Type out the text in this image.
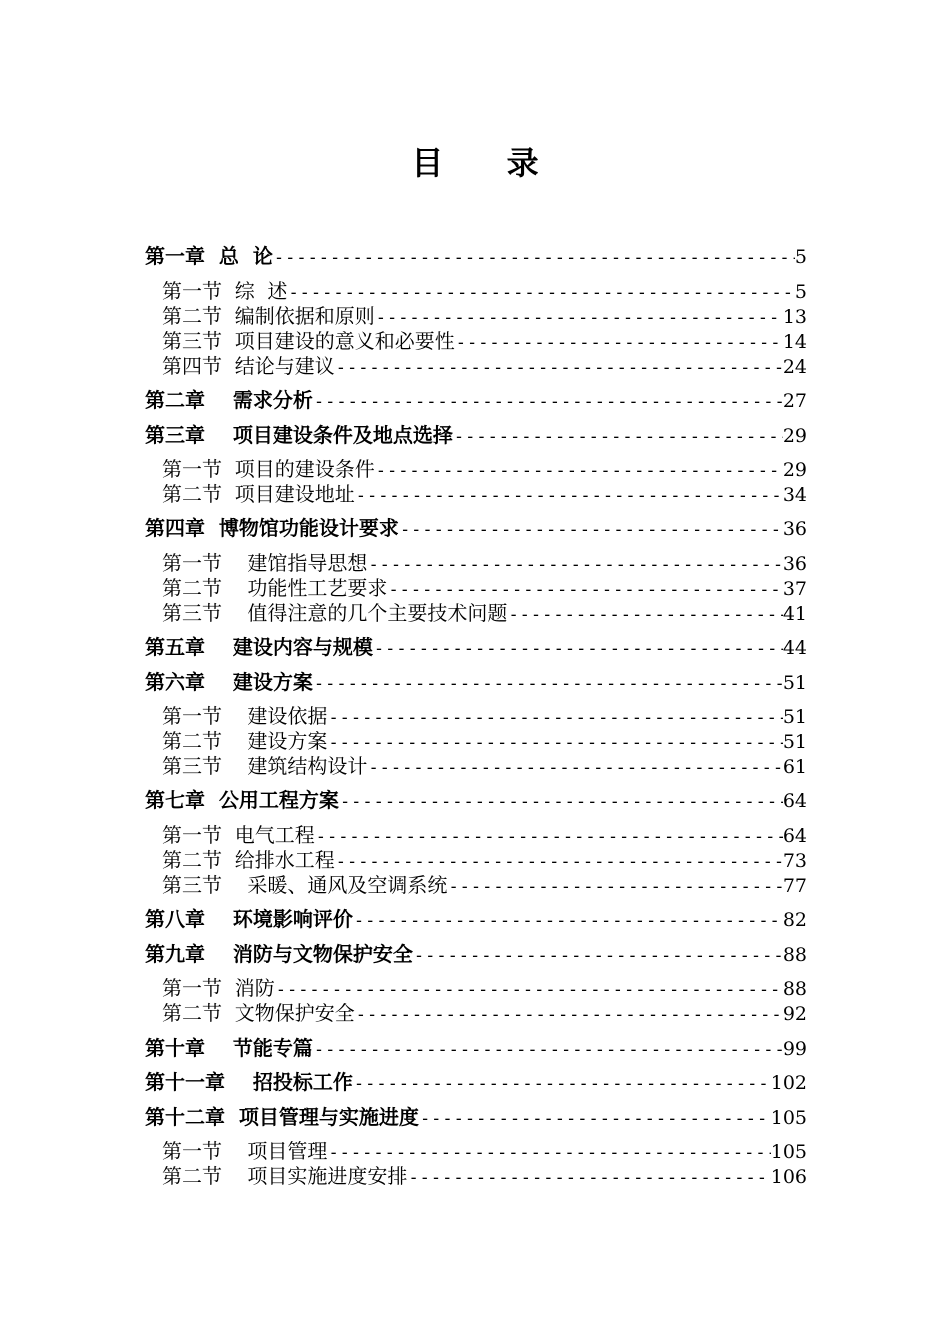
目 录
第一章  总  论 -----	5
第一节  综  述 -----	5
第二节  编制依据和原则 -----	13
第三节  项目建设的意义和必要性 -----	14
第四节  结论与建议 -----	24
第二章    需求分析 -----	27
第三章    项目建设条件及地点选择 -----	29
第一节  项目的建设条件 -----	29
第二节  项目建设地址 -----	34
第四章  博物馆功能设计要求 -----	36
第一节    建馆指导思想 -----	36
第二节    功能性工艺要求 -----	37
第三节    值得注意的几个主要技术问题 -----	41
第五章    建设内容与规模 -----	44
第六章    建设方案 -----	51
第一节    建设依据 -----	51
第二节    建设方案 -----	51
第三节    建筑结构设计 -----	61
第七章  公用工程方案 -----	64
第一节  电气工程 -----	64
第二节  给排水工程 -----	73
第三节    采暖、通风及空调系统 -----	77
第八章    环境影响评价 -----	82
第九章    消防与文物保护安全 -----	88
第一节  消防 -----	88
第二节  文物保护安全 -----	92
第十章    节能专篇 -----	99
第十一章    招投标工作 -----	102
第十二章  项目管理与实施进度 -----	105
第一节    项目管理 -----	105
第二节    项目实施进度安排 -----	106
